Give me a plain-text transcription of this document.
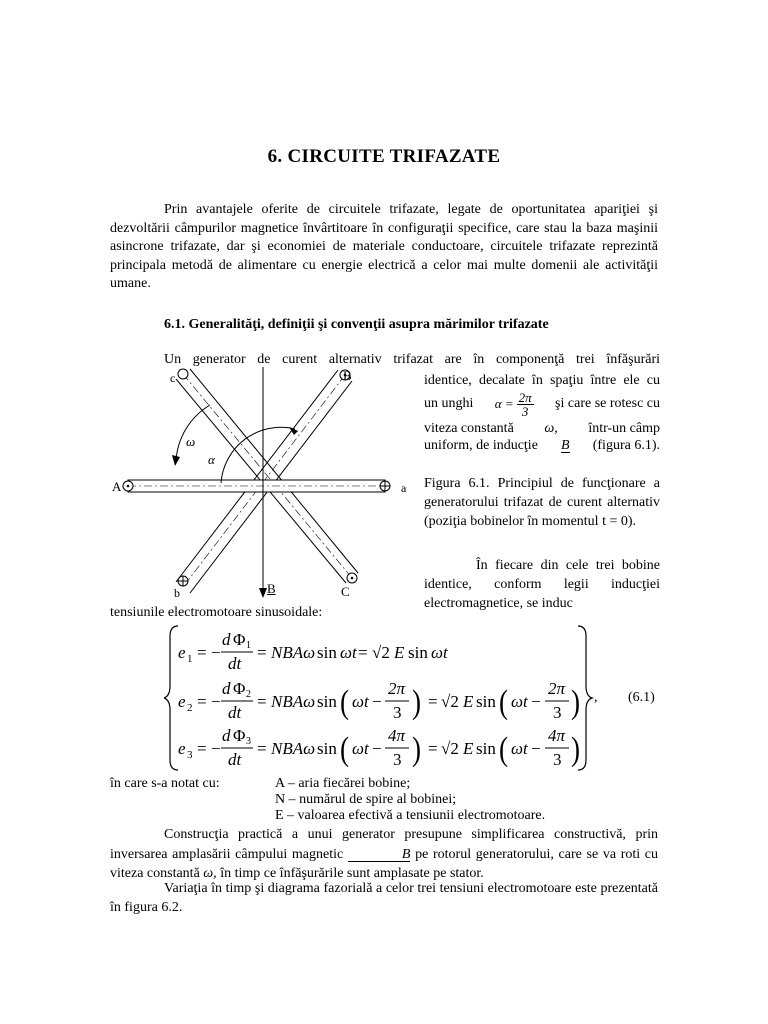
6. CIRCUITE TRIFAZATE
Prin avantajele oferite de circuitele trifazate, legate de oportunitatea apariţiei şi dezvoltării câmpurilor magnetice învârtitoare în configuraţii specifice, care stau la baza maşinii asincrone trifazate, dar şi economiei de materiale conductoare, circuitele trifazate reprezintă principala metodă de alimentare cu energie electrică a celor mai multe domenii ale activităţii umane.
6.1. Generalităţi, definiţii şi convenţii asupra mărimilor trifazate
Un generator de curent alternativ trifazat are în componenţă trei înfăşurări
A	a
B
b	C
c
ω
α
B
identice, decalate în spaţiu între ele cu
un unghi $\alpha = \frac{2\pi}{3}$ şi care se rotesc cu
viteza constantă ω, într-un câmp
uniform, de inducţie B (figura 6.1).
Figura 6.1. Principiul de funcţionare a generatorului trifazat de curent alternativ (poziţia bobinelor în momentul t = 0).
În fiecare din cele trei bobine identice, conform legii inducţiei electromagnetice, se induc
tensiunile electromotoare sinusoidale:
e 1 = −
d Φ 1
dt
= NBAω sin ωt = √2 E sin ωt
e 2 = −
d Φ 2
dt
= NBAω sin ( ωt −
2π
3 ) = √2 E sin ( ωt −
2π
3 )
e 3 = −
d Φ 3
dt
= NBAω sin ( ωt −
4π
3 ) = √2 E sin ( ωt −
4π
3 )
, (6.1)
în care s-a notat cu:	A – aria fiecărei bobine;
N – numărul de spire al bobinei;
E – valoarea efectivă a tensiunii electromotoare.
Construcţia practică a unui generator presupune simplificarea constructivă, prin inversarea amplasării câmpului magnetic	B pe rotorul generatorului, care se va roti cu viteza constantă ω, în timp ce înfăşurările sunt amplasate pe stator.
Variaţia în timp şi diagrama fazorială a celor trei tensiuni electromotoare este prezentată în figura 6.2.
